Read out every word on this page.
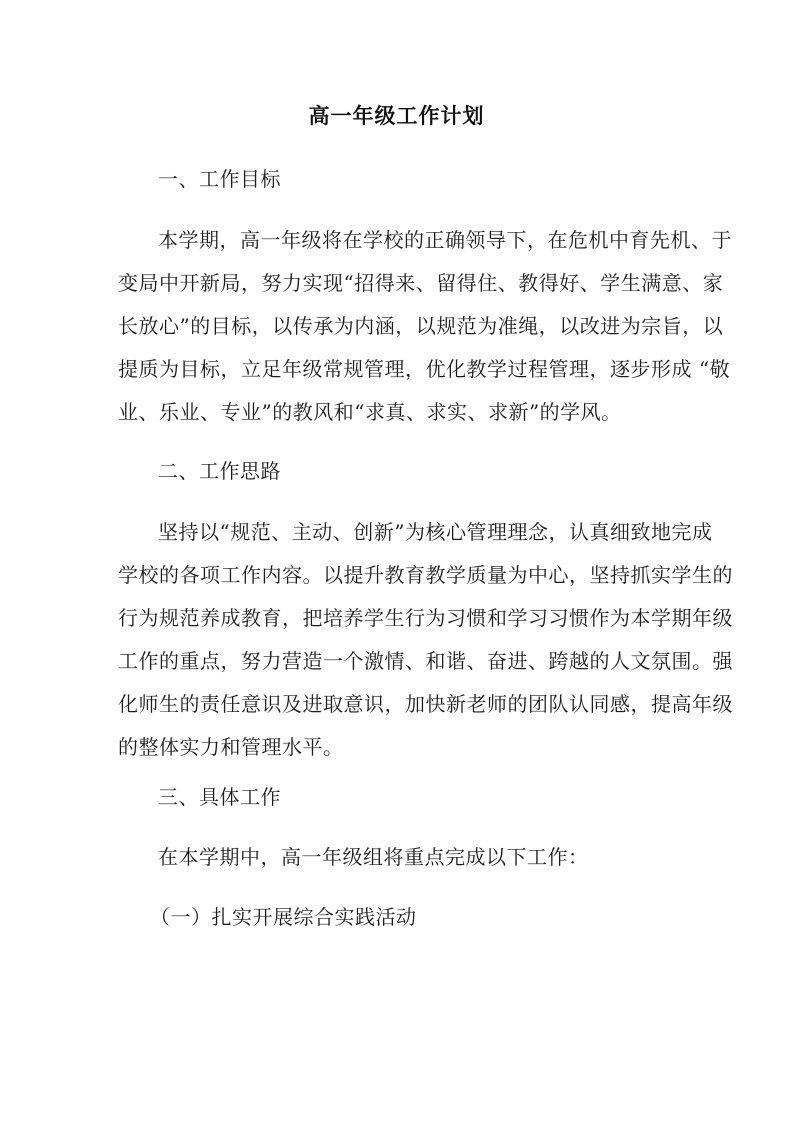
高一年级工作计划
一、工作目标
本学期，高一年级将在学校的正确领导下，在危机中育先机、于
变局中开新局，努力实现“招得来、留得住、教得好、学生满意、家
长放心”的目标，以传承为内涵，以规范为准绳，以改进为宗旨，以
提质为目标，立足年级常规管理，优化教学过程管理，逐步形成 “敬
业、乐业、专业”的教风和“求真、求实、求新”的学风。
二、工作思路
坚持以“规范、主动、创新”为核心管理理念，认真细致地完成
学校的各项工作内容。以提升教育教学质量为中心，坚持抓实学生的
行为规范养成教育，把培养学生行为习惯和学习习惯作为本学期年级
工作的重点，努力营造一个激情、和谐、奋进、跨越的人文氛围。强
化师生的责任意识及进取意识，加快新老师的团队认同感，提高年级
的整体实力和管理水平。
三、具体工作
在本学期中，高一年级组将重点完成以下工作：
（一）扎实开展综合实践活动
